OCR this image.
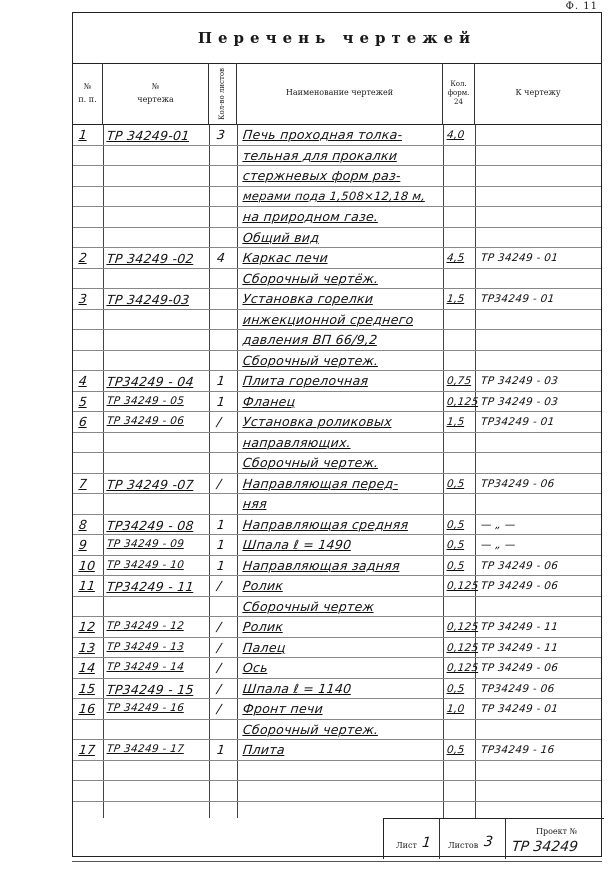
Ф. 11
Перечень чертежей
№
п. п.
№
чертежа	Кол-во листов	Наименование чертежей
Кол. форм. 24
К чертежу
1 ТР 34249-01 3 Печь проходная толка-
тельная для прокалки
стержневых форм раз-
мерами пода 1,508×12,18 м,
на природном газе.
Общий вид
4,0
2 ТР 34249 -02 4 Каркас печи
Сборочный чертёж.
4,5 ТР 34249 - 01
3 ТР 34249-03	Установка горелки
инжекционной среднего
давления ВП 66/9,2
Сборочный чертеж.
1,5 ТР34249 - 01
4 ТР34249 - 04 1 Плита горелочная	0,75 ТР 34249 - 03
5 ТР 34249 - 05	1 Фланец	0,125 ТР 34249 - 03
6 ТР 34249 - 06	/ Установка роликовых
направляющих.
Сборочный чертеж.
1,5 ТР34249 - 01
7 ТР 34249 -07 / Направляющая перед-
няя
0,5 ТР34249 - 06
8 ТР34249 - 08 1 Направляющая средняя	0,5 — „ —
9 ТР 34249 - 09	1 Шпала ℓ = 1490	0,5 — „ —
10 ТР 34249 - 10	1 Направляющая задняя	0,5 ТР 34249 - 06
11 ТР34249 - 11 / Ролик
Сборочный чертеж
0,125 ТР 34249 - 06
12 ТР 34249 - 12	/ Ролик	0,125 ТР 34249 - 11
13 ТР 34249 - 13	/ Палец	0,125 ТР 34249 - 11
14 ТР 34249 - 14	/ Ось	0,125 ТР 34249 - 06
15 ТР34249 - 15 / Шпала ℓ = 1140	0,5 ТР34249 - 06
16 ТР 34249 - 16	/ Фронт печи
Сборочный чертеж.
1,0 ТР 34249 - 01
17 ТР 34249 - 17	1 Плита	0,5 ТР34249 - 16
Лист 1 Листов 3
Проект №
ТР 34249
